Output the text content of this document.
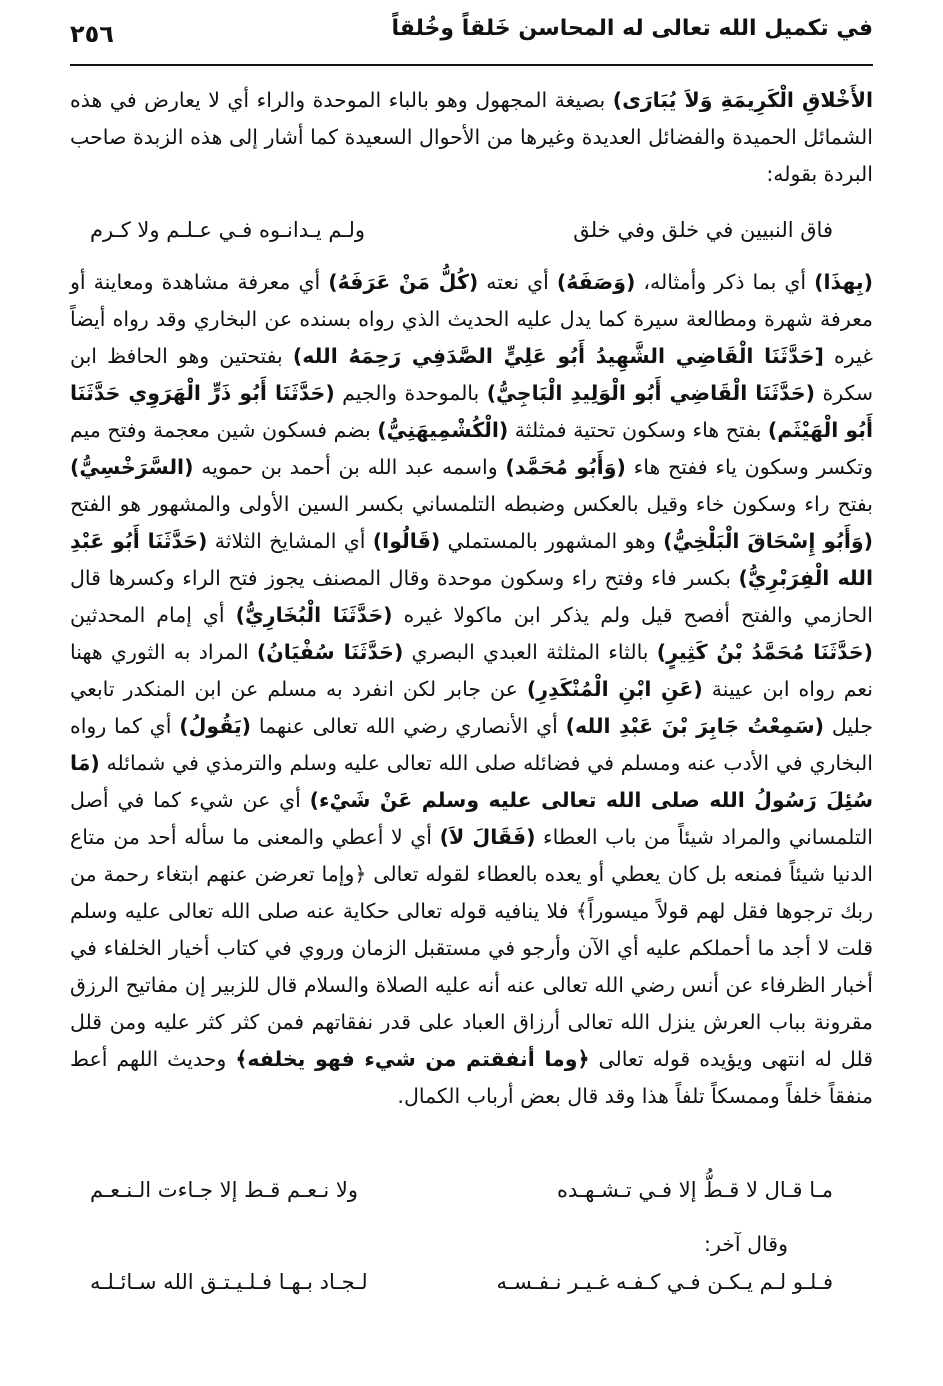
في تكميل الله تعالى له المحاسن خَلقاً وخُلقاً
٢٥٦

الأَخْلاقِ الْكَرِيمَةِ وَلاَ يُبَارَى) بصيغة المجهول وهو بالباء الموحدة والراء أي لا يعارض في هذه الشمائل الحميدة والفضائل العديدة وغيرها من الأحوال السعيدة كما أشار إلى هذه الزبدة صاحب البردة بقوله:

فاق النبيين في خلق وفي خلق
ولـم يـدانـوه فـي عـلـم ولا كـرم

(بِهذَا) أي بما ذكر وأمثاله، (وَصَفَهُ) أي نعته (كُلُّ مَنْ عَرَفَهُ) أي معرفة مشاهدة ومعاينة أو معرفة شهرة ومطالعة سيرة كما يدل عليه الحديث الذي رواه بسنده عن البخاري وقد رواه أيضاً غيره [حَدَّثَنَا الْقَاضِي الشَّهِيدُ أَبُو عَلِيٍّ الصَّدَفِي رَحِمَهُ الله) بفتحتين وهو الحافظ ابن سكرة (حَدَّثَنَا الْقَاضِي أَبُو الْوَلِيدِ الْبَاجِيُّ) بالموحدة والجيم (حَدَّثَنَا أَبُو ذَرٍّ الْهَرَوِي حَدَّثَنَا أَبُو الْهَيْثَم) بفتح هاء وسكون تحتية فمثلثة (الْكُشْمِيهَنِيُّ) بضم فسكون شين معجمة وفتح ميم وتكسر وسكون ياء ففتح هاء (وَأَبُو مُحَمَّد) واسمه عبد الله بن أحمد بن حمويه (السَّرَخْسِيُّ) بفتح راء وسكون خاء وقيل بالعكس وضبطه التلمساني بكسر السين الأولى والمشهور هو الفتح (وَأَبُو إِسْحَاقَ الْبَلْخِيُّ) وهو المشهور بالمستملي (قَالُوا) أي المشايخ الثلاثة (حَدَّثَنَا أَبُو عَبْدِ الله الْفِرَبْرِيُّ) بكسر فاء وفتح راء وسكون موحدة وقال المصنف يجوز فتح الراء وكسرها قال الحازمي والفتح أفصح قيل ولم يذكر ابن ماكولا غيره (حَدَّثَنَا الْبُخَارِيُّ) أي إمام المحدثين (حَدَّثَنَا مُحَمَّدُ بْنُ كَثِيرٍ) بالثاء المثلثة العبدي البصري (حَدَّثَنَا سُفْيَانُ) المراد به الثوري ههنا نعم رواه ابن عيينة (عَنِ ابْنِ الْمُنْكَدِرِ) عن جابر لكن انفرد به مسلم عن ابن المنكدر تابعي جليل (سَمِعْتُ جَابِرَ بْنَ عَبْدِ الله) أي الأنصاري رضي الله تعالى عنهما (يَقُولُ) أي كما رواه البخاري في الأدب عنه ومسلم في فضائله صلى الله تعالى عليه وسلم والترمذي في شمائله (مَا سُئِلَ رَسُولُ الله صلى الله تعالى عليه وسلم عَنْ شَيْء) أي عن شيء كما في أصل التلمساني والمراد شيئاً من باب العطاء (فَقَالَ لاَ) أي لا أعطي والمعنى ما سأله أحد من متاع الدنيا شيئاً فمنعه بل كان يعطي أو يعده بالعطاء لقوله تعالى ﴿وإما تعرضن عنهم ابتغاء رحمة من ربك ترجوها فقل لهم قولاً ميسوراً﴾ فلا ينافيه قوله تعالى حكاية عنه صلى الله تعالى عليه وسلم قلت لا أجد ما أحملكم عليه أي الآن وأرجو في مستقبل الزمان وروي في كتاب أخيار الخلفاء في أخبار الظرفاء عن أنس رضي الله تعالى عنه أنه عليه الصلاة والسلام قال للزبير إن مفاتيح الرزق مقرونة بباب العرش ينزل الله تعالى أرزاق العباد على قدر نفقاتهم فمن كثر كثر عليه ومن قلل قلل له انتهى ويؤيده قوله تعالى ﴿وما أنفقتم من شيء فهو يخلفه﴾ وحديث اللهم أعط منفقاً خلفاً وممسكاً تلفاً هذا وقد قال بعض أرباب الكمال.

مـا قـال لا قـطُّ إلا فـي تـشـهـده
ولا نـعـم قـط إلا جـاءت الـنـعـم
وقال آخر:
فـلـو لـم يـكـن فـي كـفـه غـيـر نـفـسـه
لـجـاد بـهـا فـلـيـتـق الله سـائـلـه
